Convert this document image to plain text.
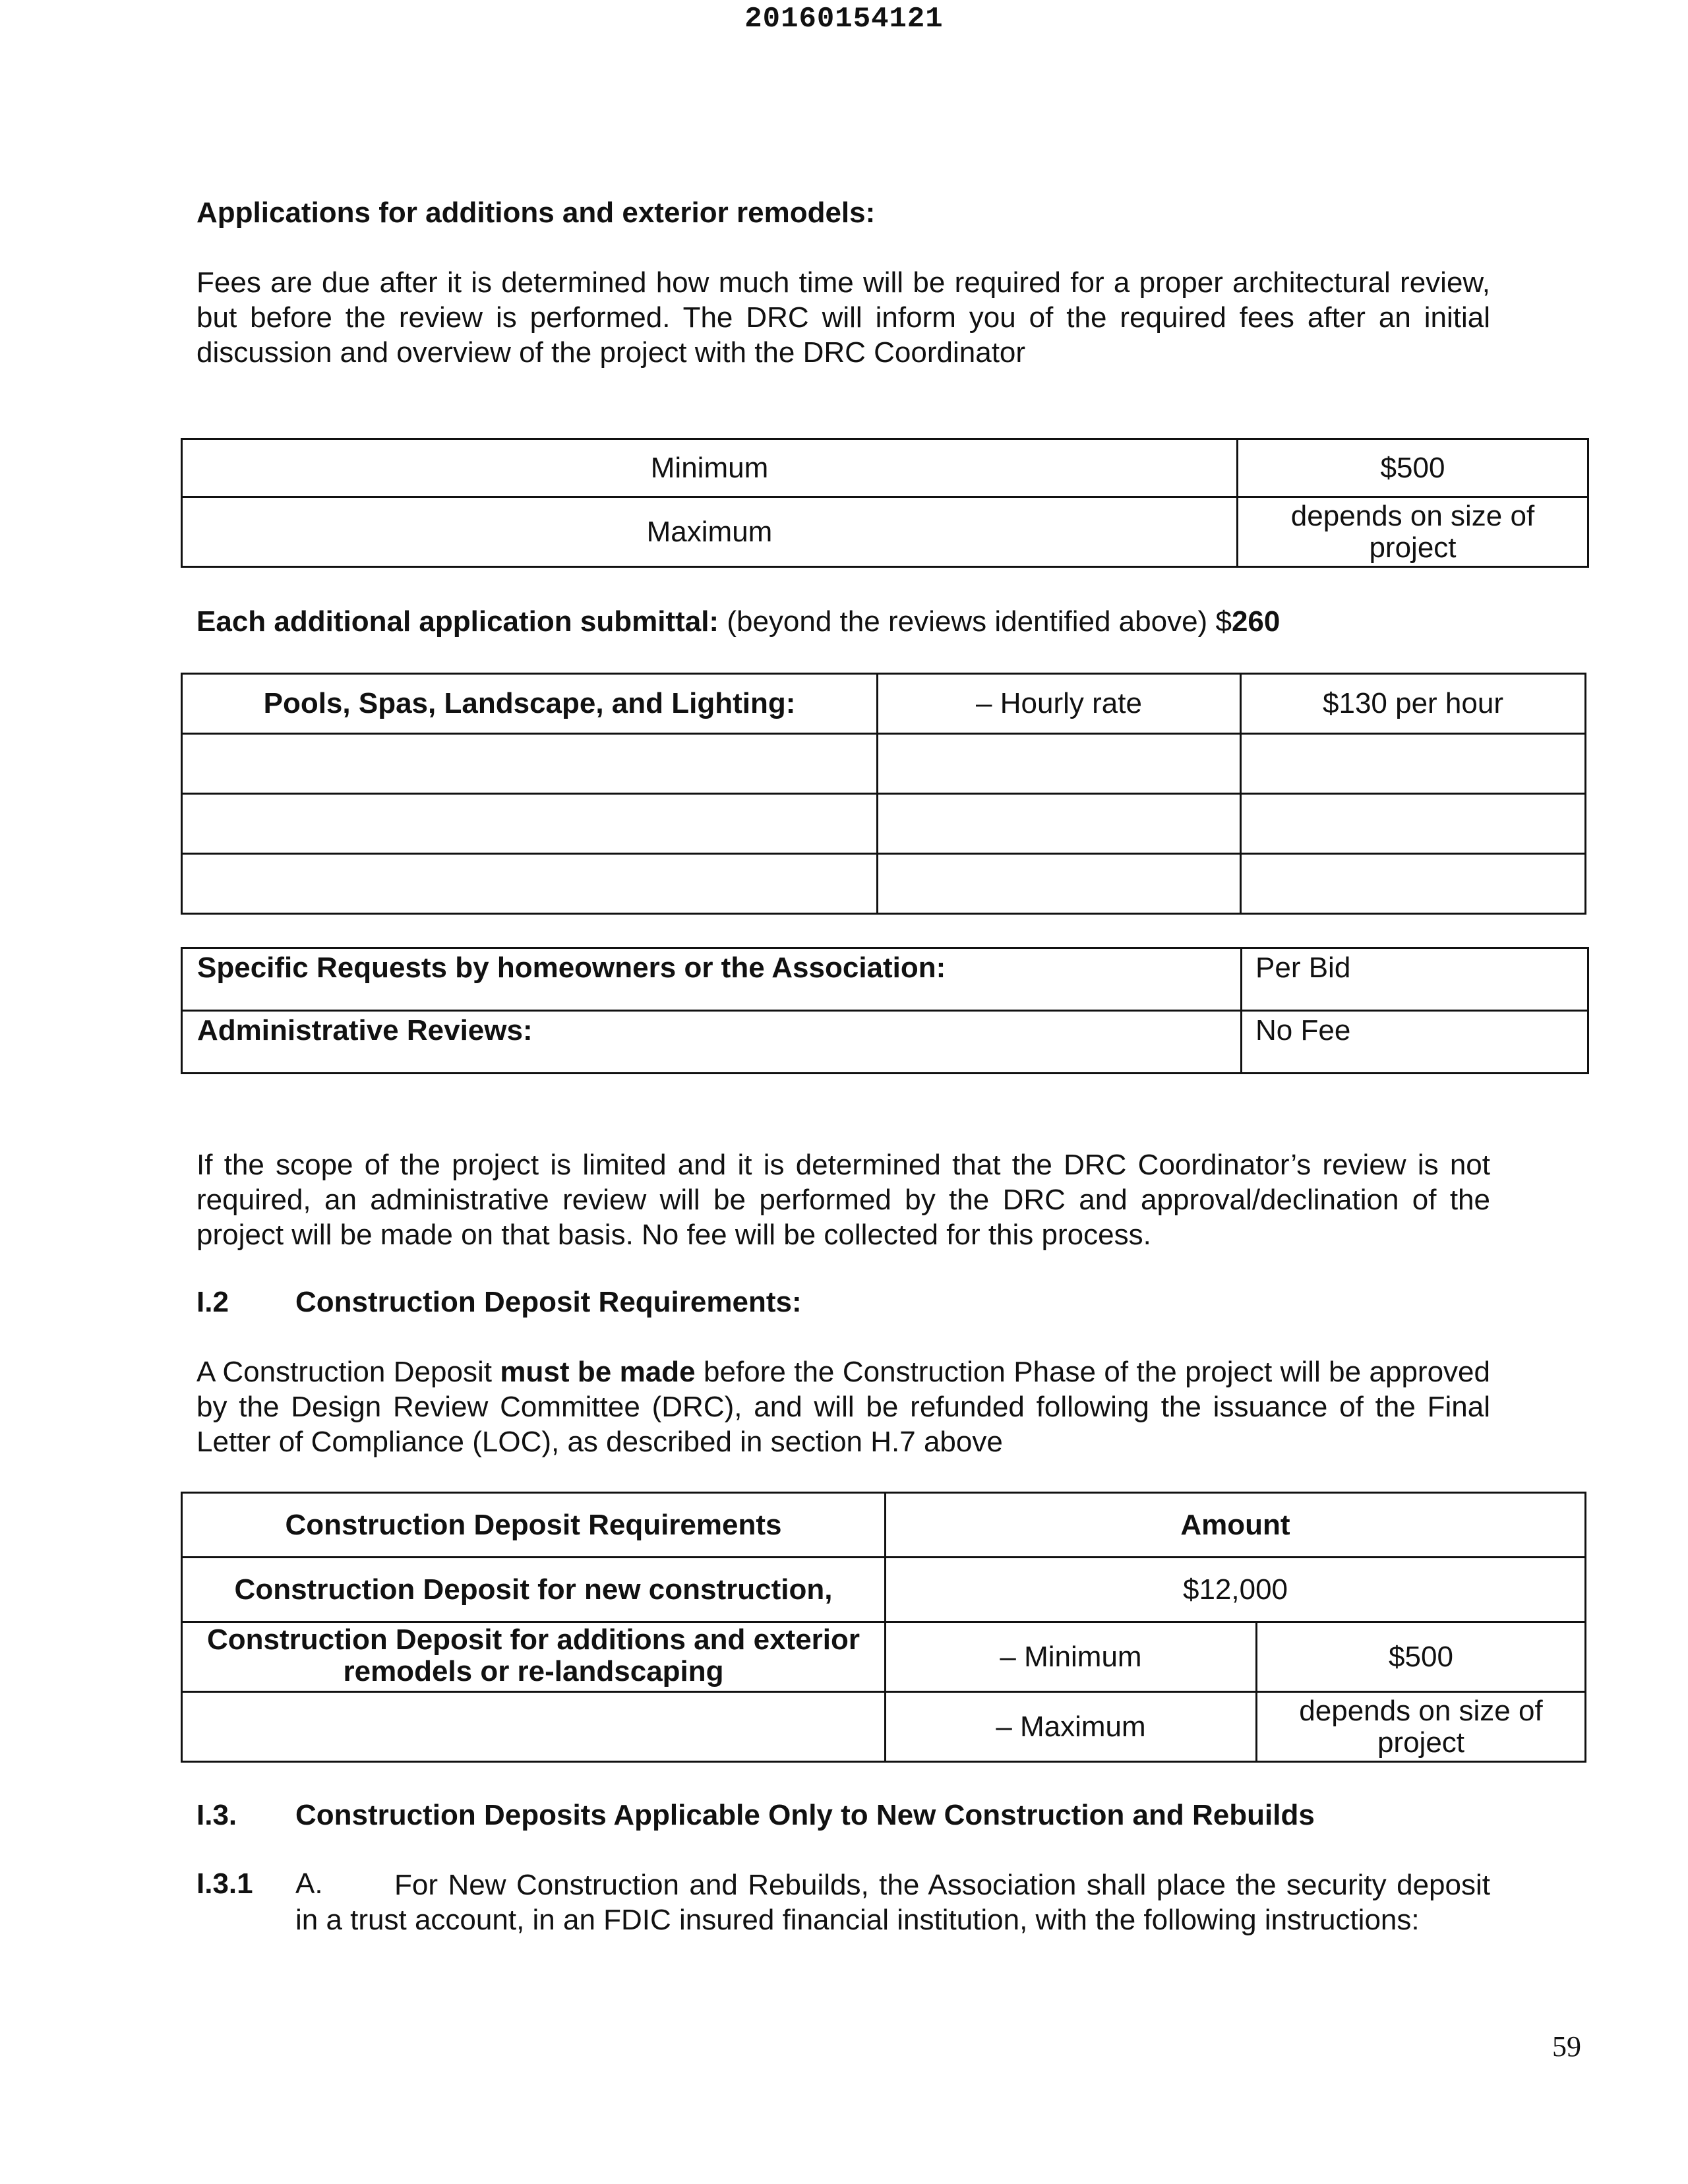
20160154121
Applications for additions and exterior remodels:
Fees are due after it is determined how much time will be required for a proper architectural review, but before the review is performed. The DRC will inform you of the required fees after an initial discussion and overview of the project with the DRC Coordinator
Minimum	$500
Maximum	depends on size of project
Each additional application submittal: (beyond the reviews identified above) $260
Pools, Spas, Landscape, and Lighting:	– Hourly rate	$130 per hour

Specific Requests by homeowners or the Association:	Per Bid
Administrative Reviews:	No Fee
If the scope of the project is limited and it is determined that the DRC Coordinator’s review is not required, an administrative review will be performed by the DRC and approval/declination of the project will be made on that basis. No fee will be collected for this process.
I.2 Construction Deposit Requirements:
A Construction Deposit must be made before the Construction Phase of the project will be approved by the Design Review Committee (DRC), and will be refunded following the issuance of the Final Letter of Compliance (LOC), as described in section H.7 above
Construction Deposit Requirements	Amount	
Construction Deposit for new construction,	$12,000	
Construction Deposit for additions and exterior remodels or re-landscaping	– Minimum	$500
	– Maximum	depends on size of project
I.3. Construction Deposits Applicable Only to New Construction and Rebuilds
I.3.1 A.	For New Construction and Rebuilds, the Association shall place the security deposit in a trust account, in an FDIC insured financial institution, with the following instructions:
59
